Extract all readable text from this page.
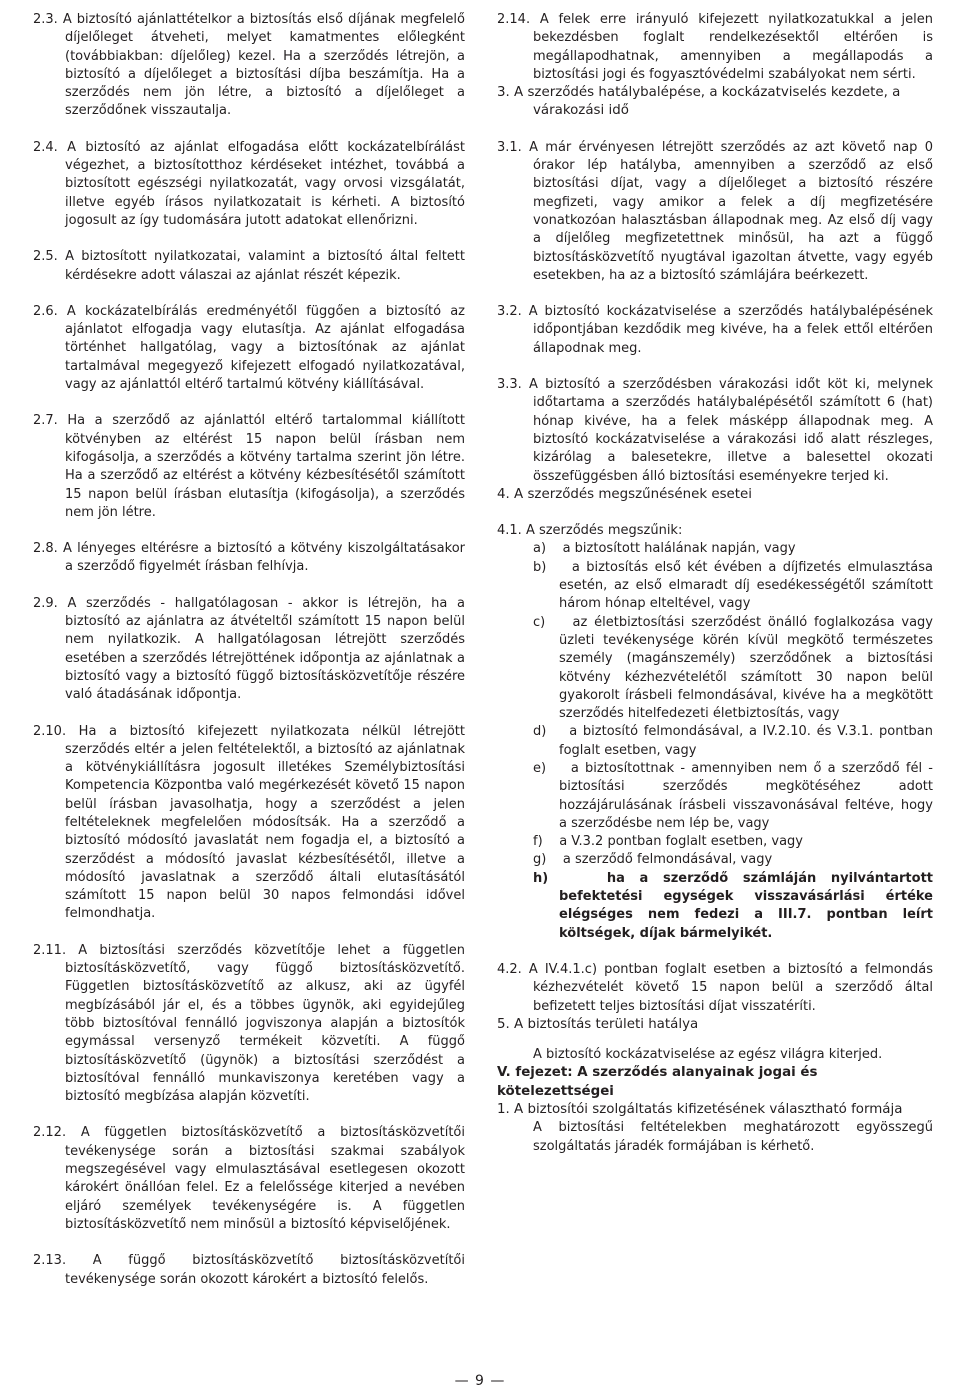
2.3. A biztosító ajánlattételkor a biztosítás első díjának megfelelő díjelőleget átveheti, melyet kamatmentes előlegként (továbbiakban: díjelőleg) kezel. Ha a szerződés létrejön, a biztosító a díjelőleget a biztosítási díjba beszámítja. Ha a szerződés nem jön létre, a biztosító a díjelőleget a szerződőnek visszautalja.

2.4. A biztosító az ajánlat elfogadása előtt kockázatelbírálást végezhet, a biztosítotthoz kérdéseket intézhet, továbbá a biztosított egészségi nyilatkozatát, vagy orvosi vizsgálatát, illetve egyéb írásos nyilatkozatait is kérheti. A biztosító jogosult az így tudomására jutott adatokat ellenőrizni.

2.5. A biztosított nyilatkozatai, valamint a biztosító által feltett kérdésekre adott válaszai az ajánlat részét képezik.

2.6. A kockázatelbírálás eredményétől függően a biztosító az ajánlatot elfogadja vagy elutasítja. Az ajánlat elfogadása történhet hallgatólag, vagy a biztosítónak az ajánlat tartalmával megegyező kifejezett elfogadó nyilatkozatával, vagy az ajánlattól eltérő tartalmú kötvény kiállításával.

2.7. Ha a szerződő az ajánlattól eltérő tartalommal kiállított kötvényben az eltérést 15 napon belül írásban nem kifogásolja, a szerződés a kötvény tartalma szerint jön létre. Ha a szerződő az eltérést a kötvény kézbesítésétől számított 15 napon belül írásban elutasítja (kifogásolja), a szerződés nem jön létre.

2.8. A lényeges eltérésre a biztosító a kötvény kiszolgáltatásakor a szerződő figyelmét írásban felhívja.

2.9. A szerződés - hallgatólagosan - akkor is létrejön, ha a biztosító az ajánlatra az átvételtől számított 15 napon belül nem nyilatkozik. A hallgatólagosan létrejött szerződés esetében a szerződés létrejöttének időpontja az ajánlatnak a biztosító vagy a biztosító függő biztosításközvetítője részére való átadásának időpontja.

2.10. Ha a biztosító kifejezett nyilatkozata nélkül létrejött szerződés eltér a jelen feltételektől, a biztosító az ajánlatnak a kötvénykiállításra jogosult illetékes Személybiztosítási Kompetencia Központba való megérkezését követő 15 napon belül írásban javasolhatja, hogy a szerződést a jelen feltételeknek megfelelően módosítsák. Ha a szerződő a biztosító módosító javaslatát nem fogadja el, a biztosító a szerződést a módosító javaslat kézbesítésétől, illetve a módosító javaslatnak a szerződő általi elutasításától számított 15 napon belül 30 napos felmondási idővel felmondhatja.

2.11. A biztosítási szerződés közvetítője lehet a független biztosításközvetítő, vagy függő biztosításközvetítő. Független biztosításközvetítő az alkusz, aki az ügyfél megbízásából jár el, és a többes ügynök, aki egyidejűleg több biztosítóval fennálló jogviszonya alapján a biztosítók egymással versenyző termékeit közvetíti. A függő biztosításközvetítő (ügynök) a biztosítási szerződést a biztosítóval fennálló munkaviszonya keretében vagy a biztosító megbízása alapján közvetíti.

2.12. A független biztosításközvetítő a biztosításközvetítői tevékenysége során a biztosítási szakmai szabályok megszegésével vagy elmulasztásával esetlegesen okozott károkért önállóan felel. Ez a felelőssége kiterjed a nevében eljáró személyek tevékenységére is. A független biztosításközvetítő nem minősül a biztosító képviselőjének.

2.13. A függő biztosításközvetítő biztosításközvetítői tevékenysége során okozott károkért a biztosító felelős.

2.14. A felek erre irányuló kifejezett nyilatkozatukkal a jelen bekezdésben foglalt rendelkezésektől eltérően is megállapodhatnak, amennyiben a megállapodás a biztosítási jogi és fogyasztóvédelmi szabályokat nem sérti.

3. A szerződés hatálybalépése, a kockázatviselés kezdete, a várakozási idő

3.1. A már érvényesen létrejött szerződés az azt követő nap 0 órakor lép hatályba, amennyiben a szerződő az első biztosítási díjat, vagy a díjelőleget a biztosító részére megfizeti, vagy amikor a felek a díj megfizetésére vonatkozóan halasztásban állapodnak meg. Az első díj vagy a díjelőleg megfizetettnek minősül, ha azt a függő biztosításközvetítő nyugtával igazoltan átvette, vagy egyéb esetekben, ha az a biztosító számlájára beérkezett.

3.2. A biztosító kockázatviselése a szerződés hatálybalépésének időpontjában kezdődik meg kivéve, ha a felek ettől eltérően állapodnak meg.

3.3. A biztosító a szerződésben várakozási időt köt ki, melynek időtartama a szerződés hatálybalépésétől számított 6 (hat) hónap kivéve, ha a felek másképp állapodnak meg. A biztosító kockázatviselése a várakozási idő alatt részleges, kizárólag a balesetekre, illetve a balesettel okozati összefüggésben álló biztosítási eseményekre terjed ki.

4. A szerződés megszűnésének esetei

4.1. A szerződés megszűnik:

a) a biztosított halálának napján, vagy
b) a biztosítás első két évében a díjfizetés elmulasztása esetén, az első elmaradt díj esedékességétől számított három hónap elteltével, vagy
c) az életbiztosítási szerződést önálló foglalkozása vagy üzleti tevékenysége körén kívül megkötő természetes személy (magánszemély) szerződőnek a biztosítási kötvény kézhezvételétől számított 30 napon belül gyakorolt írásbeli felmondásával, kivéve ha a megkötött szerződés hitelfedezeti életbiztosítás, vagy
d) a biztosító felmondásával, a IV.2.10. és V.3.1. pontban foglalt esetben, vagy
e) a biztosítottnak - amennyiben nem ő a szerződő fél - biztosítási szerződés megkötéséhez adott hozzájárulásának írásbeli visszavonásával feltéve, hogy a szerződésbe nem lép be, vagy
f) a V.3.2 pontban foglalt esetben, vagy
g) a szerződő felmondásával, vagy
h)	ha a szerződő számláján nyilvántartott befektetési egységek visszavásárlási értéke elégséges nem fedezi a III.7. pontban leírt költségek, díjak bármelyikét.

4.2. A IV.4.1.c) pontban foglalt esetben a biztosító a felmondás kézhezvételét követő 15 napon belül a szerződő által befizetett teljes biztosítási díjat visszatéríti.

5. A biztosítás területi hatálya

A biztosító kockázatviselése az egész világra kiterjed.

V. fejezet: A szerződés alanyainak jogai és kötelezettségei

1. A biztosítói szolgáltatás kifizetésének választható formája

A biztosítási feltételekben meghatározott egyösszegű szolgáltatás járadék formájában is kérhető.

— 9 —
